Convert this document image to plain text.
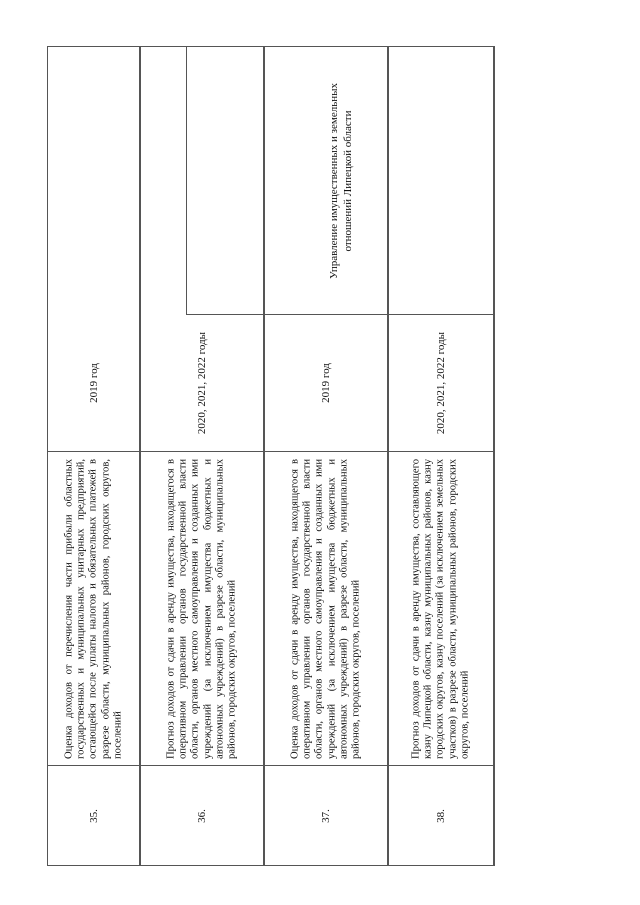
35.
Оценка доходов от перечисления части прибыли областных государственных и муниципальных унитарных предприятий, остающейся после уплаты налогов и обязательных платежей в разрезе области, муниципальных районов, городских округов, поселений
2019 год
36.
Прогноз доходов от сдачи в аренду имущества, находящегося в оперативном управлении органов государственной власти области, органов местного самоуправления и созданных ими учреждений (за исключением имущества бюджетных и автономных учреждений) в разрезе области, муниципальных районов, городских округов, поселений
2020, 2021, 2022 годы
37.
Оценка доходов от сдачи в аренду имущества, находящегося в оперативном управлении органов государственной власти области, органов местного самоуправления и созданных ими учреждений (за исключением имущества бюджетных и автономных учреждений) в разрезе области, муниципальных районов, городских округов, поселений
2019 год
38.
Прогноз доходов от сдачи в аренду имущества, составляющего казну Липецкой области, казну муниципальных районов, казну городских округов, казну поселений (за исключением земельных участков) в разрезе области, муниципальных районов, городских округов, поселений
2020, 2021, 2022 годы
Управление имущественных и земельных отношений Липецкой области
